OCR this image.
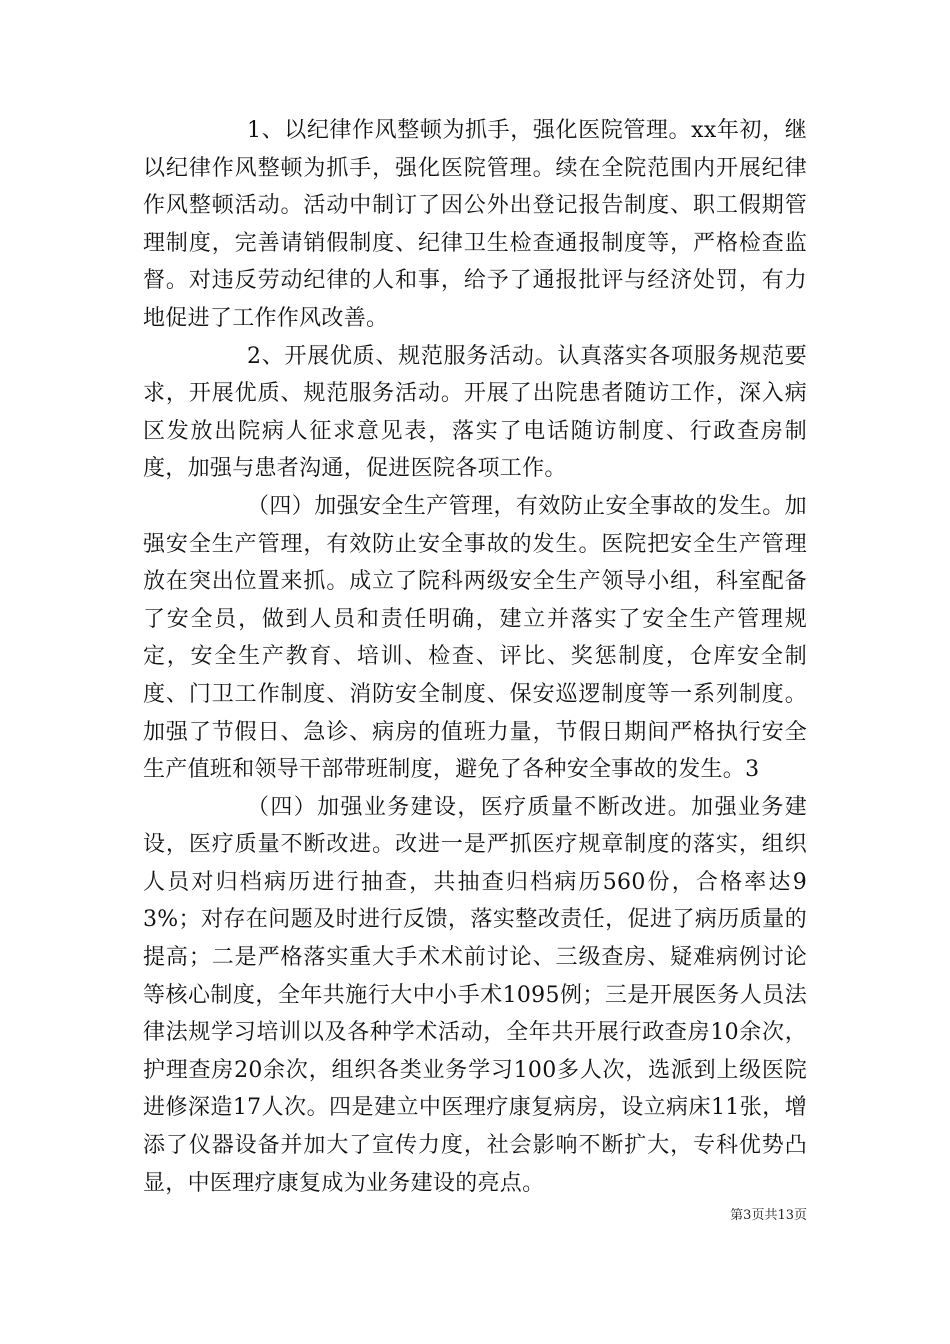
1、以纪律作风整顿为抓手，强化医院管理。xx年初，继以纪律作风整顿为抓手，强化医院管理。续在全院范围内开展纪律作风整顿活动。活动中制订了因公外出登记报告制度、职工假期管理制度，完善请销假制度、纪律卫生检查通报制度等，严格检查监督。对违反劳动纪律的人和事，给予了通报批评与经济处罚，有力地促进了工作作风改善。

2、开展优质、规范服务活动。认真落实各项服务规范要求，开展优质、规范服务活动。开展了出院患者随访工作，深入病区发放出院病人征求意见表，落实了电话随访制度、行政查房制度，加强与患者沟通，促进医院各项工作。

（四）加强安全生产管理，有效防止安全事故的发生。加强安全生产管理，有效防止安全事故的发生。医院把安全生产管理放在突出位置来抓。成立了院科两级安全生产领导小组，科室配备了安全员，做到人员和责任明确，建立并落实了安全生产管理规定，安全生产教育、培训、检查、评比、奖惩制度，仓库安全制度、门卫工作制度、消防安全制度、保安巡逻制度等一系列制度。加强了节假日、急诊、病房的值班力量，节假日期间严格执行安全生产值班和领导干部带班制度，避免了各种安全事故的发生。3

（四）加强业务建设，医疗质量不断改进。加强业务建设，医疗质量不断改进。改进一是严抓医疗规章制度的落实，组织人员对归档病历进行抽查，共抽查归档病历560份，合格率达93%；对存在问题及时进行反馈，落实整改责任，促进了病历质量的提高；二是严格落实重大手术术前讨论、三级查房、疑难病例讨论等核心制度，全年共施行大中小手术1095例；三是开展医务人员法律法规学习培训以及各种学术活动，全年共开展行政查房10余次，护理查房20余次，组织各类业务学习100多人次，选派到上级医院进修深造17人次。四是建立中医理疗康复病房，设立病床11张，增添了仪器设备并加大了宣传力度，社会影响不断扩大，专科优势凸显，中医理疗康复成为业务建设的亮点。

第3页共13页
